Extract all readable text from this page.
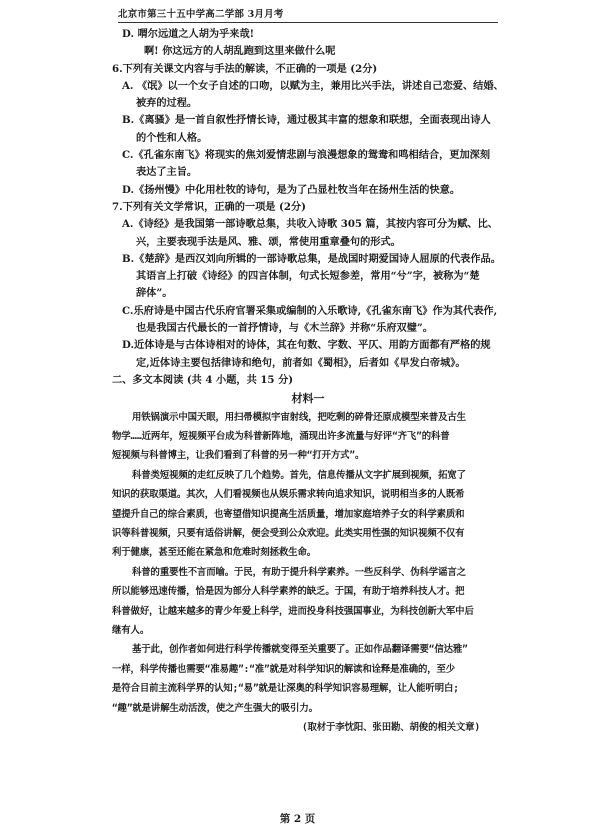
北京市第三十五中学高二学部 3月月考
D. 喟尔远道之人胡为乎来哉!
啊! 你这远方的人胡乱跑到这里来做什么呢
6.下列有关课文内容与手法的解读，不正确的一项是 (2分)
A. 《氓》以一个女子自述的口吻，以赋为主，兼用比兴手法，讲述自己恋爱、结婚、
被弃的过程。
B.《离骚》是一首自叙性抒情长诗，通过极其丰富的想象和联想，全面表现出诗人
的个性和人格。
C.《孔雀东南飞》将现实的焦刘爱情悲剧与浪漫想象的鸳鸯和鸣相结合，更加深刻
表达了主旨。
D.《扬州慢》中化用杜牧的诗句，是为了凸显杜牧当年在扬州生活的快意。
7.下列有关文学常识，正确的一项是 (2分)
A.《诗经》是我国第一部诗歌总集，共收入诗歌 305 篇，其按内容可分为赋、比、
兴，主要表现手法是风、雅、颂，常使用重章叠句的形式。
B.《楚辞》是西汉刘向所辑的一部诗歌总集，是战国时期爱国诗人屈原的代表作品。
其语言上打破《诗经》的四言体制，句式长短参差，常用“兮”字，被称为“楚
辞体”。
C.乐府诗是中国古代乐府官署采集或编制的入乐歌诗,《孔雀东南飞》作为其代表作,
也是我国古代最长的一首抒情诗，与《木兰辞》并称“乐府双璧”。
D.近体诗是与古体诗相对的诗体，其在句数、字数、平仄、用韵方面都有严格的规
定,近体诗主要包括律诗和绝句，前者如《蜀相》，后者如《早发白帝城》。
二、多文本阅读 (共 4 小题，共 15 分)
材料一
用铁锅演示中国天眼，用扫帚模拟宇宙射线，把吃剩的碎骨还原成模型来普及古生
物学……近两年，短视频平台成为科普新阵地，涌现出许多流量与好评“齐飞”的科普
短视频与科普博主，让我们看到了科普的另一种“打开方式”。
科普类短视频的走红反映了几个趋势。首先，信息传播从文字扩展到视频，拓宽了
知识的获取渠道。其次，人们看视频也从娱乐需求转向追求知识，说明相当多的人既希
望提升自己的综合素质，也寄望借知识提高生活质量，增加家庭培养子女的科学素质和
识等科普视频，只要有适俗讲解，便会受到公众欢迎。此类实用性强的知识视频不仅有
利于健康，甚至还能在紧急和危难时刻拯救生命。
科普的重要性不言而喻。于民，有助于提升科学素养。一些反科学、伪科学谣言之
所以能够迅速传播，恰是因为部分人科学素养的缺乏。于国，有助于培养科技人才。把
科普做好，让越来越多的青少年爱上科学，进而投身科技强国事业，为科技创新大军中后
继有人。
基于此，创作者如何进行科学传播就变得至关重要了。正如作品翻译需要“信达雅”
一样，科学传播也需要“准易趣”:“准”就是对科学知识的解读和诠释是准确的，至少
是符合目前主流科学界的认知;“易”就是让深奥的科学知识容易理解，让人能听明白;
“趣”就是讲解生动活泼，使之产生强大的吸引力。
(取材于李忱阳、张田勘、胡俊的相关文章)
第 2 页
